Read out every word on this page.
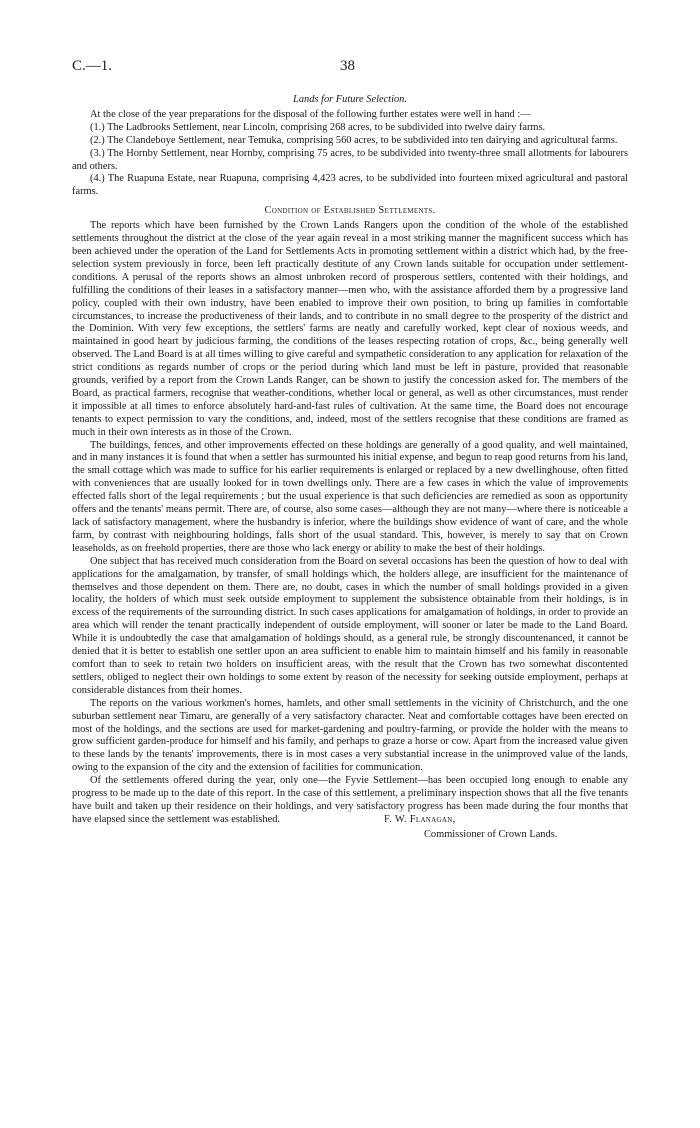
C.—1.	38
Lands for Future Selection.

At the close of the year preparations for the disposal of the following further estates were well in hand :—

(1.) The Ladbrooks Settlement, near Lincoln, comprising 268 acres, to be subdivided into twelve dairy farms.

(2.) The Clandeboye Settlement, near Temuka, comprising 560 acres, to be subdivided into ten dairying and agricultural farms.

(3.) The Hornby Settlement, near Hornby, comprising 75 acres, to be subdivided into twenty-three small allotments for labourers and others.

(4.) The Ruapuna Estate, near Ruapuna, comprising 4,423 acres, to be subdivided into fourteen mixed agricultural and pastoral farms.

Condition of Established Settlements.

The reports which have been furnished by the Crown Lands Rangers upon the condition of the whole of the established settlements throughout the district at the close of the year again reveal in a most striking manner the magnificent success which has been achieved under the operation of the Land for Settlements Acts in promoting settlement within a district which had, by the free-selection system previously in force, been left practically destitute of any Crown lands suitable for occupation under settlement-conditions. A perusal of the reports shows an almost unbroken record of prosperous settlers, contented with their holdings, and fulfilling the conditions of their leases in a satisfactory manner—men who, with the assistance afforded them by a progressive land policy, coupled with their own industry, have been enabled to improve their own position, to bring up families in comfortable circumstances, to increase the productiveness of their lands, and to contribute in no small degree to the prosperity of the district and the Dominion. With very few exceptions, the settlers' farms are neatly and carefully worked, kept clear of noxious weeds, and maintained in good heart by judicious farming, the conditions of the leases respecting rotation of crops, &c., being generally well observed. The Land Board is at all times willing to give careful and sympathetic consideration to any application for relaxation of the strict conditions as regards number of crops or the period during which land must be left in pasture, provided that reasonable grounds, verified by a report from the Crown Lands Ranger, can be shown to justify the concession asked for. The members of the Board, as practical farmers, recognise that weather-conditions, whether local or general, as well as other circumstances, must render it impossible at all times to enforce absolutely hard-and-fast rules of cultivation. At the same time, the Board does not encourage tenants to expect permission to vary the conditions, and, indeed, most of the settlers recognise that these conditions are framed as much in their own interests as in those of the Crown.

The buildings, fences, and other improvements effected on these holdings are generally of a good quality, and well maintained, and in many instances it is found that when a settler has surmounted his initial expense, and begun to reap good returns from his land, the small cottage which was made to suffice for his earlier requirements is enlarged or replaced by a new dwellinghouse, often fitted with conveniences that are usually looked for in town dwellings only. There are a few cases in which the value of improvements effected falls short of the legal requirements ; but the usual experience is that such deficiencies are remedied as soon as opportunity offers and the tenants' means permit. There are, of course, also some cases—although they are not many—where there is noticeable a lack of satisfactory management, where the husbandry is inferior, where the buildings show evidence of want of care, and the whole farm, by contrast with neighbouring holdings, falls short of the usual standard. This, however, is merely to say that on Crown leaseholds, as on freehold properties, there are those who lack energy or ability to make the best of their holdings.

One subject that has received much consideration from the Board on several occasions has been the question of how to deal with applications for the amalgamation, by transfer, of small holdings which, the holders allege, are insufficient for the maintenance of themselves and those dependent on them. There are, no doubt, cases in which the number of small holdings provided in a given locality, the holders of which must seek outside employment to supplement the subsistence obtainable from their holdings, is in excess of the requirements of the surrounding district. In such cases applications for amalgamation of holdings, in order to provide an area which will render the tenant practically independent of outside employment, will sooner or later be made to the Land Board. While it is undoubtedly the case that amalgamation of holdings should, as a general rule, be strongly discountenanced, it cannot be denied that it is better to establish one settler upon an area sufficient to enable him to maintain himself and his family in reasonable comfort than to seek to retain two holders on insufficient areas, with the result that the Crown has two somewhat discontented settlers, obliged to neglect their own holdings to some extent by reason of the necessity for seeking outside employment, perhaps at considerable distances from their homes.

The reports on the various workmen's homes, hamlets, and other small settlements in the vicinity of Christchurch, and the one suburban settlement near Timaru, are generally of a very satisfactory character. Neat and comfortable cottages have been erected on most of the holdings, and the sections are used for market-gardening and poultry-farming, or provide the holder with the means to grow sufficient garden-produce for himself and his family, and perhaps to graze a horse or cow. Apart from the increased value given to these lands by the tenants' improvements, there is in most cases a very substantial increase in the unimproved value of the lands, owing to the expansion of the city and the extension of facilities for communication.

Of the settlements offered during the year, only one—the Fyvie Settlement—has been occupied long enough to enable any progress to be made up to the date of this report. In the case of this settlement, a preliminary inspection shows that all the five tenants have built and taken up their residence on their holdings, and very satisfactory progress has been made during the four months that have elapsed since the settlement was established.	F. W. Flanagan,
Commissioner of Crown Lands.
